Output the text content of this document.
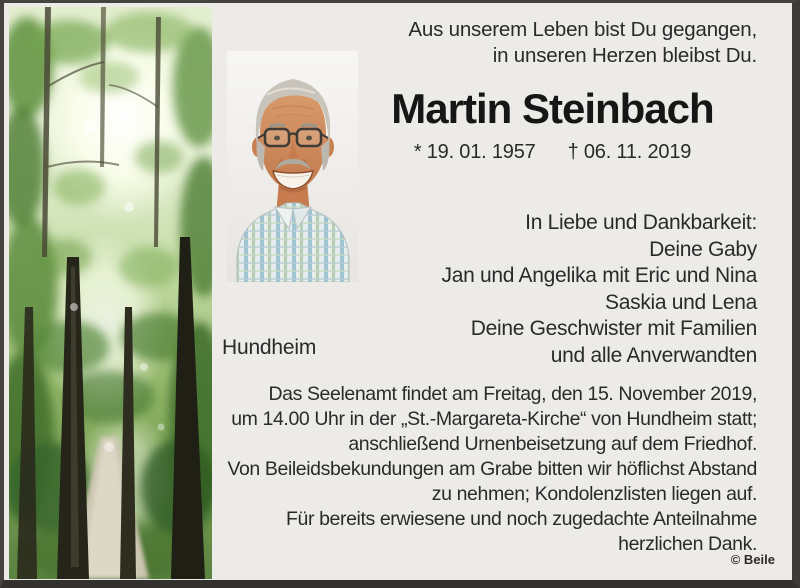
Aus unserem Leben bist Du gegangen,
in unseren Herzen bleibst Du.
Martin Steinbach
* 19. 01. 1957 † 06. 11. 2019
In Liebe und Dankbarkeit:
Deine Gaby
Jan und Angelika mit Eric und Nina
Saskia und Lena
Deine Geschwister mit Familien
und alle Anverwandten
Hundheim
Das Seelenamt findet am Freitag, den 15. November 2019,
um 14.00 Uhr in der „St.-Margareta-Kirche“ von Hundheim statt;
anschließend Urnenbeisetzung auf dem Friedhof.
Von Beileidsbekundungen am Grabe bitten wir höflichst Abstand
zu nehmen; Kondolenzlisten liegen auf.
Für bereits erwiesene und noch zugedachte Anteilnahme
herzlichen Dank.
© Beile
